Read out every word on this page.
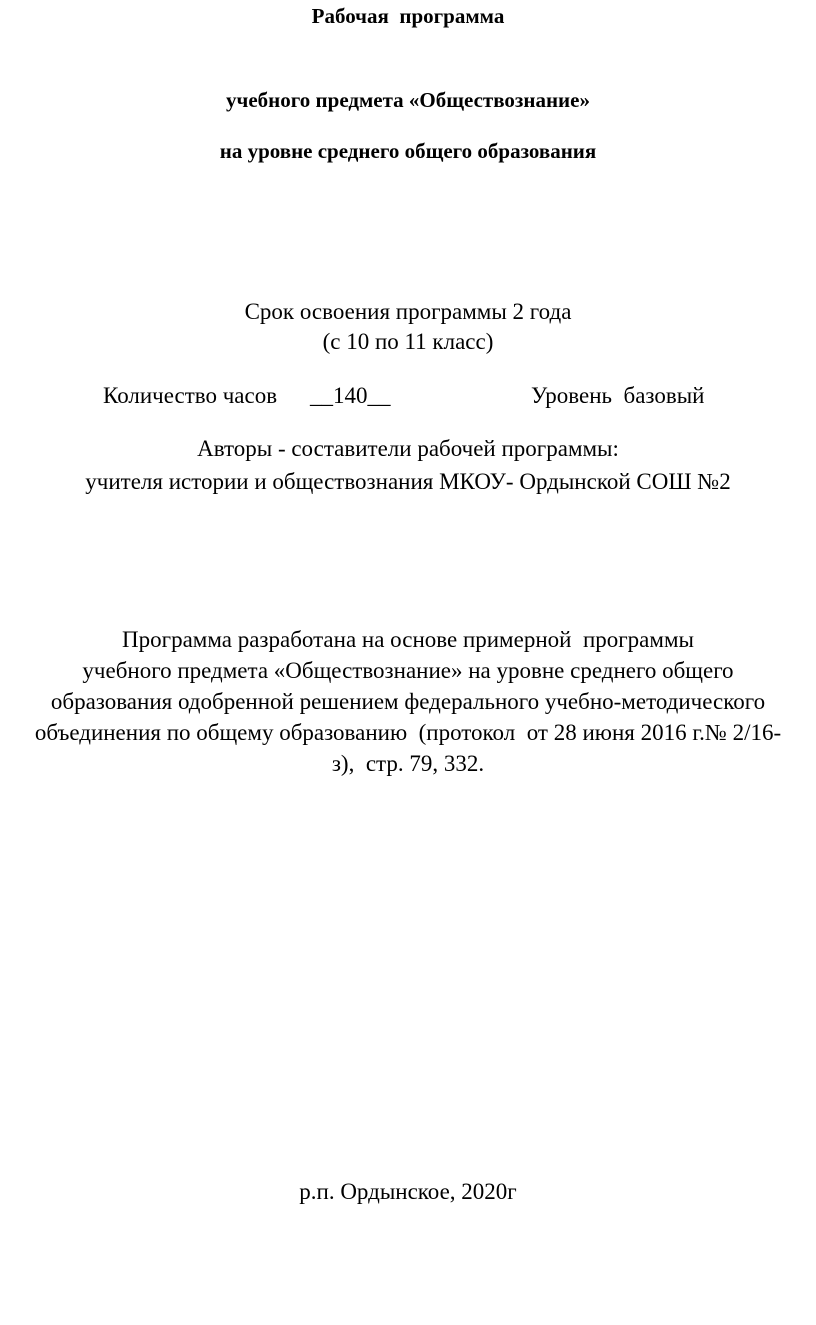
Рабочая  программа
учебного предмета «Обществознание»
на уровне среднего общего образования
Срок освоения программы 2 года
(с 10 по 11 класс)
Количество часов __140__	Уровень  базовый
Авторы - составители рабочей программы:
учителя истории и обществознания МКОУ- Ордынской СОШ №2
Программа разработана на основе примерной  программы
учебного предмета «Обществознание» на уровне среднего общего
образования одобренной решением федерального учебно-методического
объединения по общему образованию  (протокол  от 28 июня 2016 г.№ 2/16-
з),  стр. 79, 332.
р.п. Ордынское, 2020г
